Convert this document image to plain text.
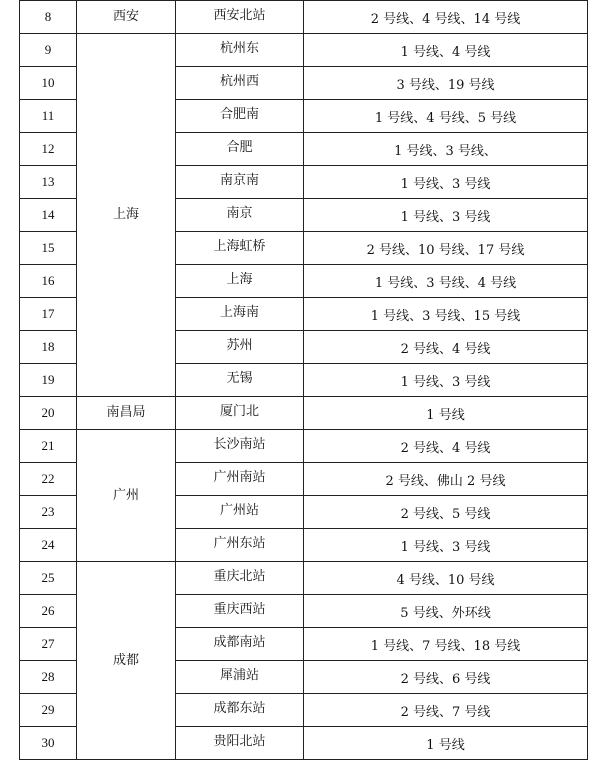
8	西安	西安北站	2 号线、4 号线、14 号线
9	上海	杭州东	1 号线、4 号线
10		杭州西	3 号线、19 号线
11		合肥南	1 号线、4 号线、5 号线
12		合肥	1 号线、3 号线、
13		南京南	1 号线、3 号线
14		南京	1 号线、3 号线
15		上海虹桥	2 号线、10 号线、17 号线
16		上海	1 号线、3 号线、4 号线
17		上海南	1 号线、3 号线、15 号线
18		苏州	2 号线、4 号线
19		无锡	1 号线、3 号线
20	南昌局	厦门北	1 号线
21	广州	长沙南站	2 号线、4 号线
22		广州南站	2 号线、佛山 2 号线
23		广州站	2 号线、5 号线
24		广州东站	1 号线、3 号线
25	成都	重庆北站	4 号线、10 号线
26		重庆西站	5 号线、外环线
27		成都南站	1 号线、7 号线、18 号线
28		犀浦站	2 号线、6 号线
29		成都东站	2 号线、7 号线
30		贵阳北站	1 号线
